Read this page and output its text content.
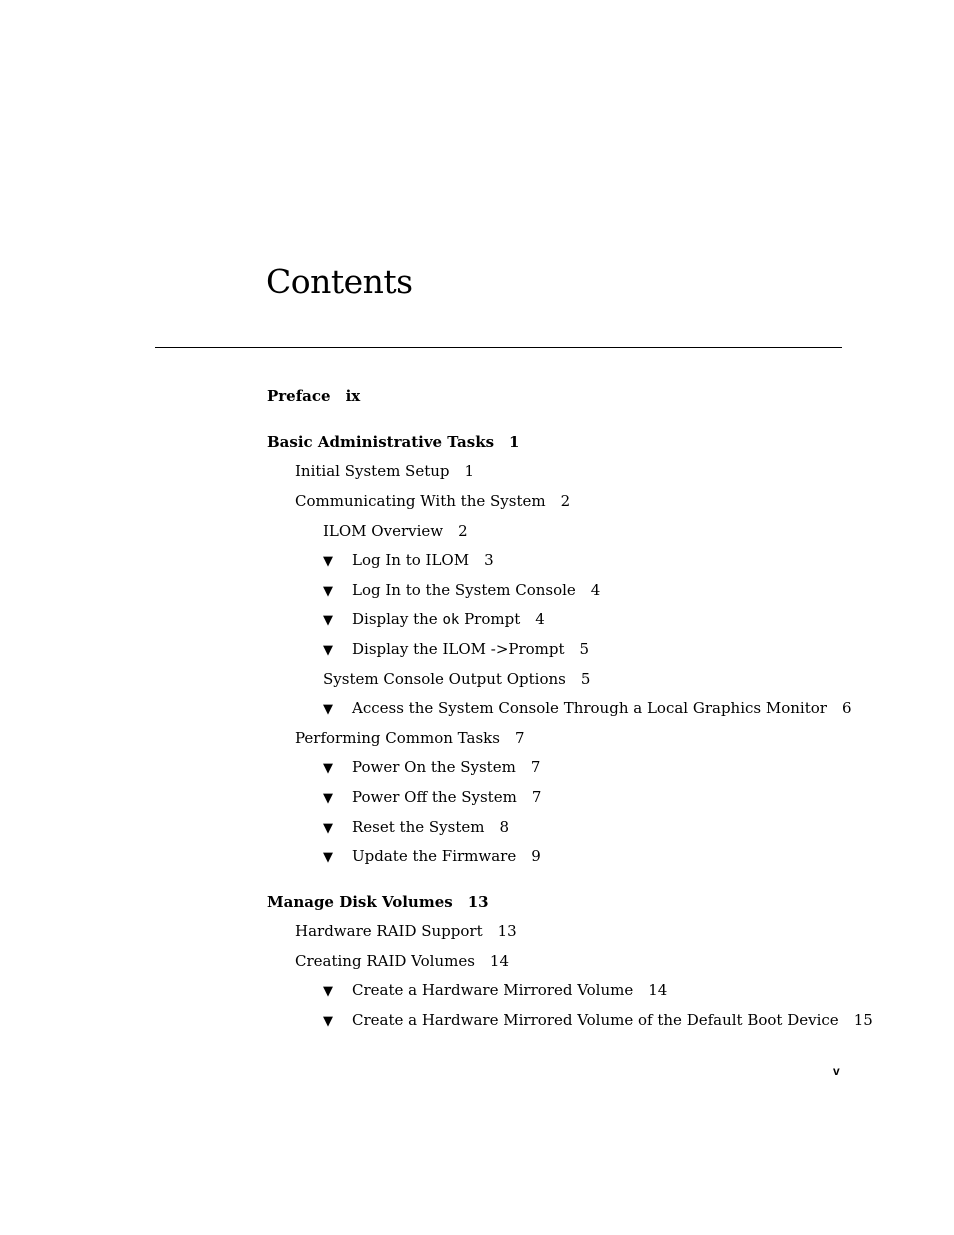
Contents
Preface ix
Basic Administrative Tasks 1
Initial System Setup 1
Communicating With the System 2
ILOM Overview 2
▼ Log In to ILOM 3
▼ Log In to the System Console 4
▼ Display the ok Prompt 4
▼ Display the ILOM ->Prompt 5
System Console Output Options 5
▼ Access the System Console Through a Local Graphics Monitor 6
Performing Common Tasks 7
▼ Power On the System 7
▼ Power Off the System 7
▼ Reset the System 8
▼ Update the Firmware 9
Manage Disk Volumes 13
Hardware RAID Support 13
Creating RAID Volumes 14
▼ Create a Hardware Mirrored Volume 14
▼ Create a Hardware Mirrored Volume of the Default Boot Device 15
v
